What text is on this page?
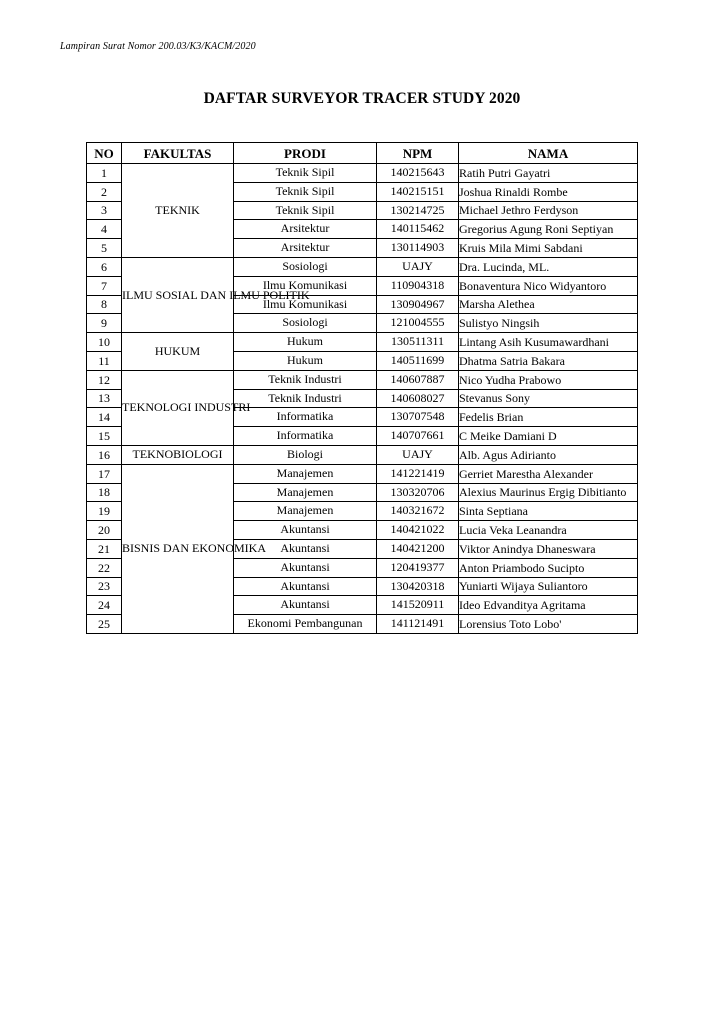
Lampiran Surat Nomor 200.03/K3/KACM/2020
DAFTAR SURVEYOR TRACER STUDY 2020
NO	FAKULTAS	PRODI	NPM	NAMA
1	TEKNIK	Teknik Sipil	140215643	Ratih Putri Gayatri
2		Teknik Sipil	140215151	Joshua Rinaldi Rombe
3		Teknik Sipil	130214725	Michael Jethro Ferdyson
4		Arsitektur	140115462	Gregorius Agung Roni Septiyan
5		Arsitektur	130114903	Kruis Mila Mimi Sabdani
6	ILMU SOSIAL DAN ILMU POLITIK	Sosiologi	UAJY	Dra. Lucinda, ML.
7		Ilmu Komunikasi	110904318	Bonaventura Nico Widyantoro
8		Ilmu Komunikasi	130904967	Marsha Alethea
9		Sosiologi	121004555	Sulistyo Ningsih
10	HUKUM	Hukum	130511311	Lintang Asih Kusumawardhani
11		Hukum	140511699	Dhatma Satria Bakara
12	TEKNOLOGI INDUSTRI	Teknik Industri	140607887	Nico Yudha Prabowo
13		Teknik Industri	140608027	Stevanus Sony
14		Informatika	130707548	Fedelis Brian
15		Informatika	140707661	C Meike Damiani D
16	TEKNOBIOLOGI	Biologi	UAJY	Alb. Agus Adirianto
17	BISNIS DAN EKONOMIKA	Manajemen	141221419	Gerriet Marestha Alexander
18		Manajemen	130320706	Alexius Maurinus Ergig Dibitianto
19		Manajemen	140321672	Sinta Septiana
20		Akuntansi	140421022	Lucia Veka Leanandra
21		Akuntansi	140421200	Viktor Anindya Dhaneswara
22		Akuntansi	120419377	Anton Priambodo Sucipto
23		Akuntansi	130420318	Yuniarti Wijaya Suliantoro
24		Akuntansi	141520911	Ideo Edvanditya Agritama
25		Ekonomi Pembangunan	141121491	Lorensius Toto Lobo'
